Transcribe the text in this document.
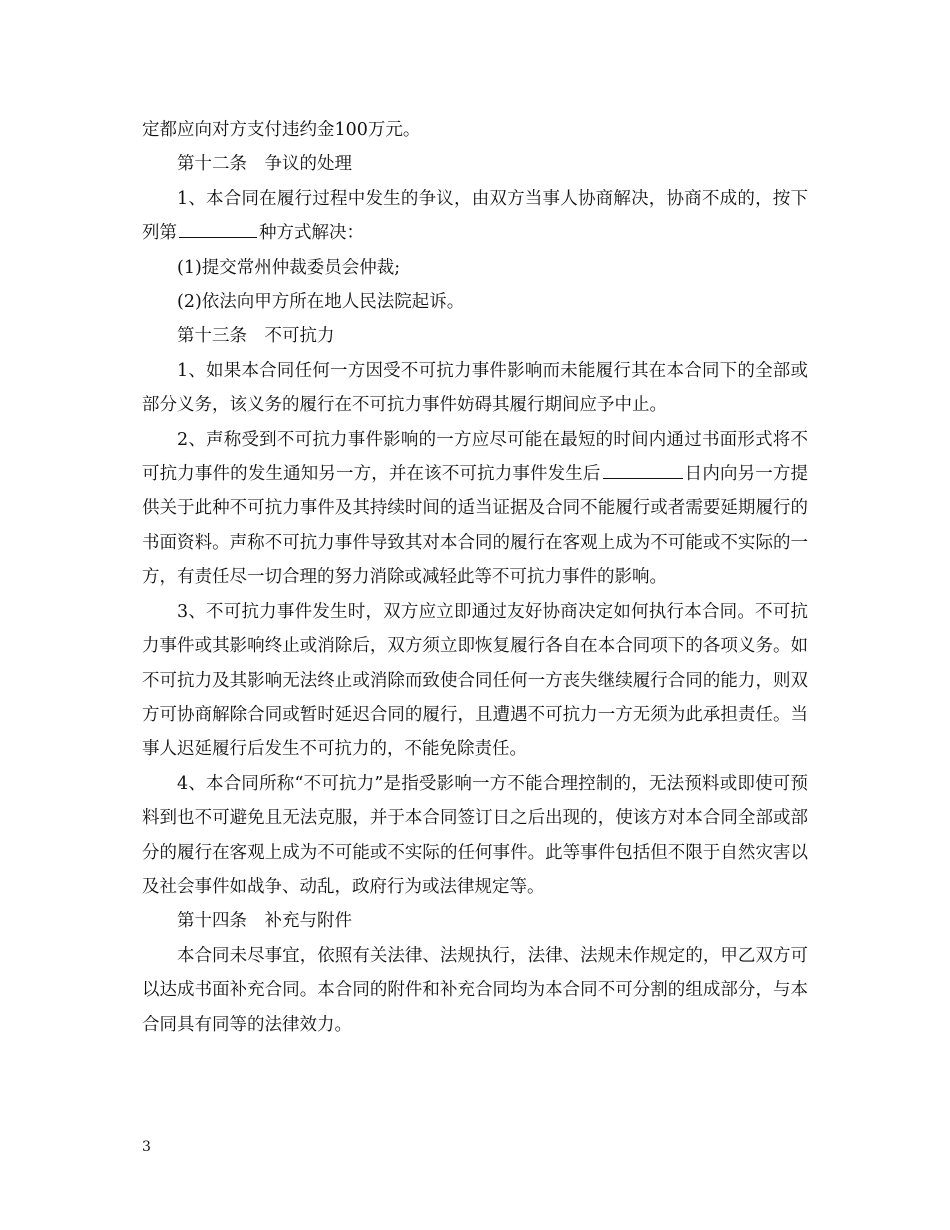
定都应向对方支付违约金100万元。

第十二条　争议的处理

1、本合同在履行过程中发生的争议，由双方当事人协商解决，协商不成的，按下列第	种方式解决：

(1)提交常州仲裁委员会仲裁;

(2)依法向甲方所在地人民法院起诉。

第十三条　不可抗力

1、如果本合同任何一方因受不可抗力事件影响而未能履行其在本合同下的全部或部分义务，该义务的履行在不可抗力事件妨碍其履行期间应予中止。

2、声称受到不可抗力事件影响的一方应尽可能在最短的时间内通过书面形式将不可抗力事件的发生通知另一方，并在该不可抗力事件发生后	日内向另一方提供关于此种不可抗力事件及其持续时间的适当证据及合同不能履行或者需要延期履行的书面资料。声称不可抗力事件导致其对本合同的履行在客观上成为不可能或不实际的一方，有责任尽一切合理的努力消除或减轻此等不可抗力事件的影响。

3、不可抗力事件发生时，双方应立即通过友好协商决定如何执行本合同。不可抗力事件或其影响终止或消除后，双方须立即恢复履行各自在本合同项下的各项义务。如不可抗力及其影响无法终止或消除而致使合同任何一方丧失继续履行合同的能力，则双方可协商解除合同或暂时延迟合同的履行，且遭遇不可抗力一方无须为此承担责任。当事人迟延履行后发生不可抗力的，不能免除责任。

4、本合同所称“不可抗力”是指受影响一方不能合理控制的，无法预料或即使可预料到也不可避免且无法克服，并于本合同签订日之后出现的，使该方对本合同全部或部分的履行在客观上成为不可能或不实际的任何事件。此等事件包括但不限于自然灾害以及社会事件如战争、动乱，政府行为或法律规定等。

第十四条　补充与附件

本合同未尽事宜，依照有关法律、法规执行，法律、法规未作规定的，甲乙双方可以达成书面补充合同。本合同的附件和补充合同均为本合同不可分割的组成部分，与本合同具有同等的法律效力。

3
